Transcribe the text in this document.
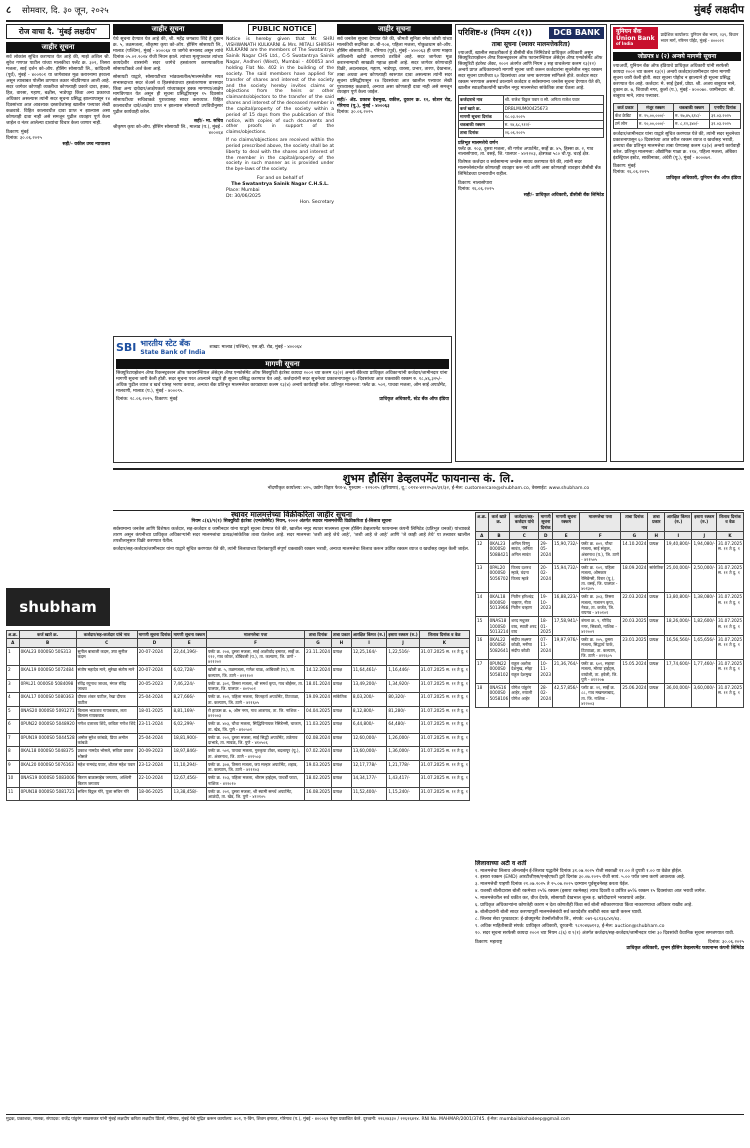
८ सोमवार, दि. ३० जून, २०२५	मुंबई लक्षदीप
रोज वाचा दै. 'मुंबई लक्षदीप'
जाहीर सूचना
सर्व लोकांस सूचित करण्यात येत आहे की, माझे अशिल श्री. सुरेश गणपत पाटील यांच्या मालकीचा फ्लॅट क्र. ३०२, तिसरा मजला, साई दर्शन को-ऑप. हौसिंग सोसायटी लि., कांदिवली (पूर्व), मुंबई - ४००१०१ या जागेबाबत मूळ करारनामा हरवला असून त्याबाबत पोलीस ठाण्यात तक्रार नोंदविण्यात आली आहे. सदर जागेवर कोणाही व्यक्तीचा कोणत्याही प्रकारे दावा, हक्क, हित, वारसा, गहाण, बक्षीस, भाडेपट्टा किंवा अन्य प्रकारचा अधिकार असल्यास त्यांनी सदर सूचना प्रसिद्ध झाल्यापासून १४ दिवसांच्या आत आवश्यक दस्तावेजांसह खालील पत्त्यावर लेखी कळवावे. विहित कालावधीत दावा प्राप्त न झाल्यास असा कोणताही दावा नाही असे समजून पुढील व्यवहार पूर्ण केला जाईल व नंतर आलेल्या दाव्यांचा विचार केला जाणार नाही.
ठिकाण: मुंबई
दिनांक: ३०.०६.२०२५
सही/- वकील उच्च न्यायालय
जाहीर सूचना
येथे सूचना देण्यात येत आहे की, श्री. महेंद्र जगन्नाथ शिंदे हे दुकान क्र. ५, तळमजला, श्रीकृष्ण कृपा को-ऑप. हौसिंग सोसायटी लि., मालाड (पश्चिम), मुंबई - ४०००६४ या जागेचे सभासद असून त्यांचे दिनांक ०५.०२.२०२४ रोजी निधन झाले. त्यांच्या मृत्युपश्चात त्यांच्या कायदेशीर वारसांनी सदर जागेचे हस्तांतरण करण्याकरिता सोसायटीकडे अर्ज केला आहे.
सोसायटी याद्वारे, सोसायटीच्या भांडवलातील/मालमत्तेतील मयत सभासदाच्या सदर शेअर्स व हितसंबंधाच्या हस्तांतरणास वारसदार किंवा अन्य दावेदार/आक्षेपकर्ता यांच्याकडून हक्क मागण्या/आक्षेप मागविण्यात येत असून ही सूचना प्रसिद्धीपासून १५ दिवसांत सोसायटीच्या सचिवाकडे पुराव्यासह सादर कराव्यात. विहित कालावधीत दावे/आक्षेप प्राप्त न झाल्यास सोसायटी उपविधीनुसार पुढील कार्यवाही करेल.
सही/- मा. सचिव
श्रीकृष्ण कृपा को-ऑप. हौसिंग सोसायटी लि., मालाड (प.), मुंबई - ४०००६४
PUBLIC NOTICE
Notice is hereby given that Mr. SHRI VISHWANATH KULKARNI & Mrs. MITALI SHIRISH KULKARNI are the members of The Swatantrya Sainik Nagar CHS Ltd., C-5 Swatantrya Sainik Nagar, Andheri (West), Mumbai - 400053 and holding Flat No. 402 in the building of the society. The said members have applied for transfer of shares and interest of the society and the society hereby invites claims or objections from the heirs or other claimants/objectors to the transfer of the said shares and interest of the deceased member in the capital/property of the society within a period of 15 days from the publication of this notice, with copies of such documents and other proofs in support of the claims/objections.
If no claims/objections are received within the period prescribed above, the society shall be at liberty to deal with the shares and interest of the member in the capital/property of the society in such manner as is provided under the bye-laws of the society.
For and on behalf of
The Swatantrya Sainik Nagar C.H.S.L.
Place: Mumbai
Dt: 30/06/2025
Hon. Secretary
जाहीर सूचना
सर्व जनतेस सूचना देण्यात येते की, श्रीमती सुनिता रमेश जोशी यांच्या मालकीची सदनिका क्र. बी-१०४, पहिला मजला, गोकुळधाम को-ऑप. हौसिंग सोसायटी लि., गोरेगाव (पूर्व), मुंबई - ४०००६३ ही जागा माझ्या अशिलांनी खरेदी करण्याचे ठरविले आहे. सदर जागेच्या मूळ करारनाम्याची साखळी गहाळ झाली आहे. सदर जागेवर कोणाचाही विक्री, अदलाबदल, गहाण, भाडेपट्टा, वारसा, प्रभार, तारण, देखभाल, ताबा अथवा अन्य कोणत्याही स्वरुपात दावा असल्यास त्यांनी सदर सूचना प्रसिद्धीपासून १४ दिवसांच्या आत खालील पत्त्यावर लेखी पुराव्यासह कळवावे, अन्यथा असा कोणताही दावा नाही असे समजून व्यवहार पूर्ण केला जाईल.
सही/- ॲड. प्रकाश देशमुख, वकील, दुकान क्र. १२, स्टेशन रोड, गोरेगाव (पू.), मुंबई - ४०००६३
दिनांक: ३०.०६.२०२५
SBI भारतीय स्टेट बँक
State Bank of India
शाखा: मालाड (पश्चिम), एस.व्ही. रोड, मुंबई - ४०००६४
मागणी सूचना
सिक्युरिटायझेशन ॲण्ड रिकन्स्ट्रक्शन ऑफ फायनान्शियल ॲसेट्स ॲण्ड एन्फोर्समेंट ऑफ सिक्युरिटी इंटरेस्ट कायदा २००२ च्या कलम १३(२) अन्वये बँकेच्या प्राधिकृत अधिकाऱ्यांनी कर्जदार/जामीनदार यांना मागणी सूचना जारी केली होती. सदर सूचना परत आल्याने याद्वारे ही सूचना प्रसिद्ध करण्यात येत आहे. कर्जदारांनी सदर सूचनेच्या प्रकाशनापासून ६० दिवसांच्या आत थकबाकी रक्कम रु. १८,४६,३२५/- अधिक पुढील व्याज व खर्च यांसह भरणा करावा, अन्यथा बँक प्रतिभूत मालमत्तेवर कायद्याच्या कलम १३(४) अन्वये कार्यवाही करेल. प्रतिभूत मालमत्ता: फ्लॅट क्र. ५०२, पाचवा मजला, ओम साई अपार्टमेंट, मालवणी, मालाड (प.), मुंबई - ४०००९५.
दिनांक: २८.०६.२०२५, ठिकाण: मुंबई	प्राधिकृत अधिकारी, स्टेट बँक ऑफ इंडिया
परिशिष्ट-४ (नियम ८(१))	DCB BANK
ताबा सूचना (स्थावर मालमत्तेकरिता)
ज्याअर्थी, खालील स्वाक्षरीकर्ता हे डीसीबी बँक लिमिटेडचे प्राधिकृत अधिकारी असून सिक्युरिटायझेशन ॲण्ड रिकन्स्ट्रक्शन ऑफ फायनान्शियल ॲसेट्स ॲण्ड एन्फोर्समेंट ऑफ सिक्युरिटी इंटरेस्ट ॲक्ट, २००२ अंतर्गत आणि नियम ३ सह वाचलेल्या कलम १३(१२) अन्वये प्राप्त अधिकारान्वये मागणी सूचना जारी करून कर्जदारांना सूचनेतील नमूद रक्कम सदर सूचना प्राप्तीच्या ६० दिवसांच्या आत जमा करण्यास सांगितले होते. कर्जदार सदर रक्कम भरण्यास असमर्थ ठरल्याने कर्जदार व सर्वसामान्य जनतेस सूचना देण्यात येते की, खालील स्वाक्षरीकर्त्यांनी खालील नमूद मालमत्तेचा सांकेतिक ताबा घेतला आहे.
कर्जदाराचे नाव	श्री. राजेश विठ्ठल पवार व सौ. अनिता राजेश पवार
कर्ज खाते क्र.	DRBLMUM00425673
मागणी सूचना दिनांक	१८.०३.२०२५
थकबाकी रक्कम	रु. २४,६८,९१२/-
ताबा दिनांक	२६.०६.२०२५
प्रतिभूत मालमत्तेचे वर्णन
फ्लॅट क्र. २०३, दुसरा मजला, श्री गणेश अपार्टमेंट, सर्व्हे क्र. ४५, हिस्सा क्र. २, गाव नालासोपारा, ता. वसई, जि. पालघर - ४०१२०३, क्षेत्रफळ ५८० चौ.फू. चटई क्षेत्र.
विशेषतः कर्जदार व सर्वसामान्य जनतेस सावध करण्यात येते की, त्यांनी सदर मालमत्तेसंदर्भात कोणताही व्यवहार करू नये आणि असा कोणताही व्यवहार डीसीबी बँक लिमिटेडच्या प्रभाराधीन राहील.
ठिकाण: नालासोपारा
दिनांक: २६.०६.२०२५
सही/- प्राधिकृत अधिकारी, डीसीबी बँक लिमिटेड
युनियन बँक
Union Bank
of India
प्रादेशिक कार्यालय: युनियन बँक भवन, २३९, विधान भवन मार्ग, नरिमन पॉईंट, मुंबई - ४०००२१
जोडपत्र ४ (२) अन्वये मागणी सूचना
ज्याअर्थी, युनियन बँक ऑफ इंडियाचे प्राधिकृत अधिकारी यांनी सरफेसी कायदा २००२ च्या कलम १३(२) अन्वये कर्जदार/जामीनदार यांना मागणी सूचना जारी केली होती. सदर सूचना पोहोच न झाल्याने ही सूचना प्रसिद्ध करण्यात येत आहे. कर्जदार: मे. साई ट्रेडर्स, प्रोप्रा. श्री. अजय बाबुराव माने, दुकान क्र. ७, शिवाजी नगर, कुर्ला (प.), मुंबई - ४०००७०. जामीनदार: श्री. बाबुराव माने, त्याच पत्त्यावर.
कर्ज प्रकार	मंजूर रक्कम	थकबाकी रक्कम	एनपीए दिनांक
कॅश क्रेडिट	रु. २५,००,०००/-	रु. २७,४५,६१८/-	३१.०३.२०२५
टर्म लोन	रु. १०,००,०००/-	रु. ८,१२,३४०/-	३१.०३.२०२५
कर्जदार/जामीनदार यांना याद्वारे सूचित करण्यात येते की, त्यांनी सदर सूचनेच्या प्रकाशनापासून ६० दिवसांच्या आत वरील रक्कम व्याज व खर्चासह भरावी, अन्यथा बँक प्रतिभूत मालमत्तेचा ताबा घेण्यासह कलम १३(४) अन्वये कार्यवाही करेल. प्रतिभूत मालमत्ता: औद्योगिक गाळा क्र. ११४, पहिला मजला, अंबिका इंडस्ट्रियल इस्टेट, साकीनाका, अंधेरी (पू.), मुंबई - ४०००७२.
ठिकाण: मुंबई
दिनांक: २६.०६.२०२५
प्राधिकृत अधिकारी, युनियन बँक ऑफ इंडिया
shubham
शुभम हौसिंग डेव्हलपमेंट फायनान्स कं. लि.
नोंदणीकृत कार्यालय: ४२५, उद्योग विहार फेज-४, गुरुग्राम - १२२०१५ (हरियाणा), दू.: ०१२४-४२१२५३०/३१/३२, ई-मेल: customercare@shubham.co, वेबसाईट: www.shubham.co
स्थावर मालमत्तेच्या विक्रीकरिता जाहीर सूचना
नियम ८(६)/९(१) सिक्युरिटी इंटरेस्ट (एन्फोर्समेंट) नियम, २००२ अंतर्गत स्थावर मालमत्तेच्या विक्रीकरिता ई-लिलाव सूचना
सर्वसामान्य जनतेस आणि विशेषतः कर्जदार, सह-कर्जदार व जामीनदार यांना याद्वारे सूचना देण्यात येते की, खालील नमूद स्थावर मालमत्ता शुभम हौसिंग डेव्हलपमेंट फायनान्स कंपनी लिमिटेड (प्रतिभूत धनको) यांच्याकडे तारण असून कंपनीच्या प्राधिकृत अधिकाऱ्यांनी सदर मालमत्तांचा प्रत्यक्ष/सांकेतिक ताबा घेतलेला आहे. सदर मालमत्ता 'जशी आहे जेथे आहे', 'जशी आहे जे आहे' आणि 'जे काही आहे तेथे' या तत्त्वावर खालील तपशीलानुसार विक्री करण्यात येतील.
कर्जदार/सह-कर्जदार/जामीनदार यांना याद्वारे सूचित करण्यात येते की, त्यांनी लिलावाच्या दिनांकापूर्वी संपूर्ण थकबाकी रक्कम भरावी, अन्यथा मालमत्तेचा लिलाव करून उर्वरित रक्कम व्याज व खर्चासह वसूल केली जाईल.
अ.क्र.	कर्ज खाते क्र.	कर्जदार/सह-कर्जदार यांचे नाव	मागणी सूचना दिनांक	मागणी सूचना रक्कम	मालमत्तेचा पत्ता	ताबा दिनांक	ताबा प्रकार	आरक्षित किंमत (रु.)	इसारा रक्कम (रु.)	लिलाव दिनांक व वेळ
A	B	C	D	E	F	G	H	I	J	K
1	0KAL23 0000S0 50S313	सुनील बाबाजी कदम, उषा सुनील कदम	20-07-2024	22,44,196/-	फ्लॅट क्र. २०४, दुसरा मजला, साई आशीर्वाद इमारत, सर्व्हे क्र. ११२, गाव कोपर, डोंबिवली (प.), ता. कल्याण, जि. ठाणे - ४२१२०२	23.11.2024	प्रत्यक्ष	12,25,164/-	1,22,516/-	31.07.2025 स. ११ ते दु. १
2	0KAL19 0000S0 5072484	संतोष महादेव माने, सुरेखा संतोष माने	20-07-2024	6,02,728/-	खोली क्र. ५, तळमजला, गणेश चाळ, आंबिवली (प.), ता. कल्याण, जि. ठाणे - ४२११०२	14.12.2024	प्रत्यक्ष	11,64,461/-	1,16,446/-	31.07.2025 स. ११ ते दु. १
3	0PAL21 0000S0 5084098	रविंद्र रघुनाथ जाधव, मंगल रविंद्र जाधव	20-05-2023	7,46,224/-	फ्लॅट क्र. ३०१, तिसरा मजला, श्री समर्थ कृपा, गाव बोईसर, ता. पालघर, जि. पालघर - ४०१५०१	18.01.2024	प्रत्यक्ष	13,49,200/-	1,34,920/-	31.07.2025 स. ११ ते दु. १
4	0KAL17 0000S0 5080363	दीपक शंकर पाटील, रेखा दीपक पाटील	25-04-2024	8,27,666/-	फ्लॅट क्र. १०२, पहिला मजला, विघ्नहर्ता अपार्टमेंट, टिटवाळा, ता. कल्याण, जि. ठाणे - ४२१६०५	19.09.2024	सांकेतिक	8,03,200/-	80,320/-	31.07.2025 स. ११ ते दु. १
5	0NAS20 0000S0 5091271	विलास भाऊराव गायकवाड, लता विलास गायकवाड	18-01-2025	8,81,169/-	रो हाऊस क्र. ७, ओम नगर, गाव आडगाव, ता. जि. नाशिक - ४२२००३	04.04.2025	प्रत्यक्ष	8,12,800/-	81,280/-	31.07.2025 स. ११ ते दु. १
6	0PUN22 0000S0 5048920	गणेश दत्तात्रय शिंदे, कविता गणेश शिंदे	23-11-2024	6,02,299/-	फ्लॅट क्र. ४०३, चौथा मजला, सिद्धिविनायक रेसिडेन्सी, चाकण, ता. खेड, जि. पुणे - ४१०५०१	11.03.2025	प्रत्यक्ष	6,44,800/-	64,480/-	31.07.2025 स. ११ ते दु. १
7	0PUN19 0000S0 5044528	अमोल सुरेश कांबळे, प्रिया अमोल कांबळे	25-04-2024	18,81,900/-	फ्लॅट क्र. २०२, दुसरा मजला, साई सिद्धी अपार्टमेंट, तळेगाव दाभाडे, ता. मावळ, जि. पुणे - ४१०५०६	02.08.2024	प्रत्यक्ष	12,60,000/-	1,26,000/-	31.07.2025 स. ११ ते दु. १
8	0KAL18 0000S0 5048375	प्रकाश नामदेव भोसले, सविता प्रकाश भोसले	20-09-2023	18,97,846/-	फ्लॅट क्र. ५०१, पाचवा मजला, गुरुकृपा टॉवर, बदलापूर (पू.), ता. अंबरनाथ, जि. ठाणे - ४२१५०३	07.02.2024	प्रत्यक्ष	13,60,000/-	1,36,000/-	31.07.2025 स. ११ ते दु. १
9	0KAL20 0000S0 5076163	महेश रामचंद्र पवार, शीतल महेश पवार	23-12-2024	11,10,294/-	फ्लॅट क्र. ३०४, तिसरा मजला, जय मल्हार अपार्टमेंट, शहाड, ता. कल्याण, जि. ठाणे - ४२११०३	19.03.2025	प्रत्यक्ष	12,17,778/-	1,21,778/-	31.07.2025 स. ११ ते दु. १
10	0NAS19 0000S0 5083006	किरण बाळासाहेब जगताप, अश्विनी किरण जगताप	22-10-2024	12,67,456/-	फ्लॅट क्र. १०३, पहिला मजला, श्रीराम हाईट्स, पाथर्डी फाटा, नाशिक - ४२२०१०	18.02.2025	प्रत्यक्ष	14,34,177/-	1,43,417/-	31.07.2025 स. ११ ते दु. १
11	0PUN18 0000S0 5081721	सचिन विठ्ठल गोरे, पूजा सचिन गोरे	18-06-2025	13,38,458/-	फ्लॅट क्र. २०१, दुसरा मजला, श्री स्वामी समर्थ अपार्टमेंट, आळंदी, ता. खेड, जि. पुणे - ४१२१०५	16.08.2025	प्रत्यक्ष	11,52,400/-	1,15,240/-	31.07.2025 स. ११ ते दु. १
अ.क्र.	कर्ज खाते क्र.	कर्जदार/सह-कर्जदार यांचे नाव	मागणी सूचना दिनांक	मागणी सूचना रक्कम	मालमत्तेचा पत्ता	ताबा दिनांक	ताबा प्रकार	आरक्षित किंमत (रु.)	इसारा रक्कम (रु.)	लिलाव दिनांक व वेळ
A	B	C	D	E	F	G	H	I	J	K
12	0KAL23 0000S0 5088421	अनिल विष्णु सावंत, अनिता अनिल सावंत	29-05-2024	15,90,732/-	फ्लॅट क्र. ४०२, चौथा मजला, साई संकुल, अंबरनाथ (प.), जि. ठाणे - ४२१५०५	14.10.2024	प्रत्यक्ष	19,40,800/-	1,94,080/-	31.07.2025 स. ११ ते दु. १
13	0PAL20 0000S0 5056702	विजय दशरथ म्हात्रे, वंदना विजय म्हात्रे	20-02-2024	15,94,732/-	फ्लॅट क्र. १०१, पहिला मजला, ओमकार रेसिडेन्सी, विरार (पू.), ता. वसई, जि. पालघर - ४०१३०५	18.09.2024	सांकेतिक	25,00,000/-	2,50,000/-	31.07.2025 स. ११ ते दु. १
14	0KAL18 0000S0 5013966	नितीन हरिश्चंद्र चव्हाण, नीता नितीन चव्हाण	19-10-2023	16,88,223/-	फ्लॅट क्र. ३०३, तिसरा मजला, गजानन कृपा, नेरळ, ता. कर्जत, जि. रायगड - ४१०१०१	22.03.2024	प्रत्यक्ष	13,80,800/-	1,38,080/-	31.07.2025 स. ११ ते दु. १
15	0NAS18 1000S0 5013214	शरद मधुकर वाघ, स्वाती शरद वाघ	18-01-2025	17,58,941/-	बंगला क्र. ९, गोविंद नगर, सिडको, नाशिक - ४२२००९	20.03.2025	प्रत्यक्ष	18,26,000/-	1,82,600/-	31.07.2025 स. ११ ते दु. १
16	0KAL22 0000S0 5082641	संदीप लक्ष्मण कोळी, मनीषा संदीप कोळी	07-11-2024	19,97,976/-	फ्लॅट क्र. २०५, दुसरा मजला, सिद्धार्थ पार्क, टिटवाळा, ता. कल्याण, जि. ठाणे - ४२१६०५	23.01.2025	प्रत्यक्ष	16,56,560/-	1,65,656/-	31.07.2025 स. ११ ते दु. १
17	0PUN22 0000S0 5058102	राहुल अशोक देशमुख, स्नेहा राहुल देशमुख	10-11-2023	21,36,764/-	फ्लॅट क्र. ६०१, सहावा मजला, मोरया हाईट्स, वाघोली, ता. हवेली, जि. पुणे - ४१२२०७	15.05.2024	प्रत्यक्ष	17,74,600/-	1,77,460/-	31.07.2025 स. ११ ते दु. १
18	0NAS16 0000S0 5058106	योगेश पांडुरंग आहेर, रुपाली योगेश आहेर	28-02-2024	42,57,856/-	प्लॉट क्र. २१, सर्व्हे क्र. ८८, गाव मखमलाबाद, ता. जि. नाशिक - ४२२००३	25.06.2024	प्रत्यक्ष	36,00,000/-	3,60,000/-	31.07.2025 स. ११ ते दु. १
लिलावाच्या अटी व शर्ती
१. मालमत्तेचा लिलाव ऑनलाईन ई-लिलाव पद्धतीने दिनांक ३१.०७.२०२५ रोजी सकाळी ११.०० ते दुपारी १.०० या वेळेत होईल.
२. इसारा रक्कम (EMD) आरटीजीएस/एनईएफटी द्वारे दिनांक ३०.०७.२०२५ रोजी सायं. ५.०० पर्यंत जमा करणे आवश्यक आहे.
३. मालमत्तेची पाहणी दिनांक २१.०७.२०२५ ते २५.०७.२०२५ दरम्यान पूर्वसूचनेसह करता येईल.
४. यशस्वी बोलीदारास बोली रकमेच्या २५% रक्कम (इसारा रकमेसह) त्याच दिवशी व उर्वरित ७५% रक्कम १५ दिवसांच्या आत भरावी लागेल.
५. मालमत्तेवरील सर्व थकीत कर, वीज देयके, सोसायटी देखभाल शुल्क इ. खरेदीदाराने भरावयाचे आहेत.
६. प्राधिकृत अधिकाऱ्यांना कोणतेही कारण न देता कोणतीही किंवा सर्व बोली स्वीकारण्याचा किंवा नाकारण्याचा अधिकार राखीव आहे.
७. बोलीदारांनी बोली सादर करण्यापूर्वी मालमत्तेसंबंधी सर्व कायदेशीर बाबींची स्वतः खात्री करून घ्यावी.
८. लिलाव सेवा पुरवठादार: ई-प्रोक्युरमेंट टेक्नॉलॉजीज लि., संपर्क: ०७९-६८१३६८४१/४३.
९. अधिक माहितीसाठी संपर्क: प्राधिकृत अधिकारी, दूरध्वनी: ९८२०४६७१२३, ई-मेल: auction@shubham.co
१०. सदर सूचना सरफेसी कायदा २००२ च्या नियम ८(६) व ९(१) अंतर्गत कर्जदार/सह-कर्जदार/जामीनदार यांना ३० दिवसांची वैधानिक सूचना समजण्यात यावी.
ठिकाण: महाराष्ट्र	दिनांक: ३०.०६.२०२५
प्राधिकृत अधिकारी, शुभम हौसिंग डेव्हलपमेंट फायनान्स कंपनी लिमिटेड
मुद्रक, प्रकाशक, मालक, संपादक: राजेंद्र पांडुरंग साळसकर यांनी मुंबई लक्षदीप करिता लक्षदीप प्रिंटर्स, गोरेगाव, मुंबई येथे मुद्रित करून कार्यालय: ४०१, ए-विंग, शिवम इमारत, गोरेगाव (प.), मुंबई - ४०००६२ येथून प्रकाशित केले. दूरध्वनी: २२६२४३३० / २२६२६४२४. RNI No. MAHMAR/2001/3745. ई-मेल: mumbailakshadeep@gmail.com
